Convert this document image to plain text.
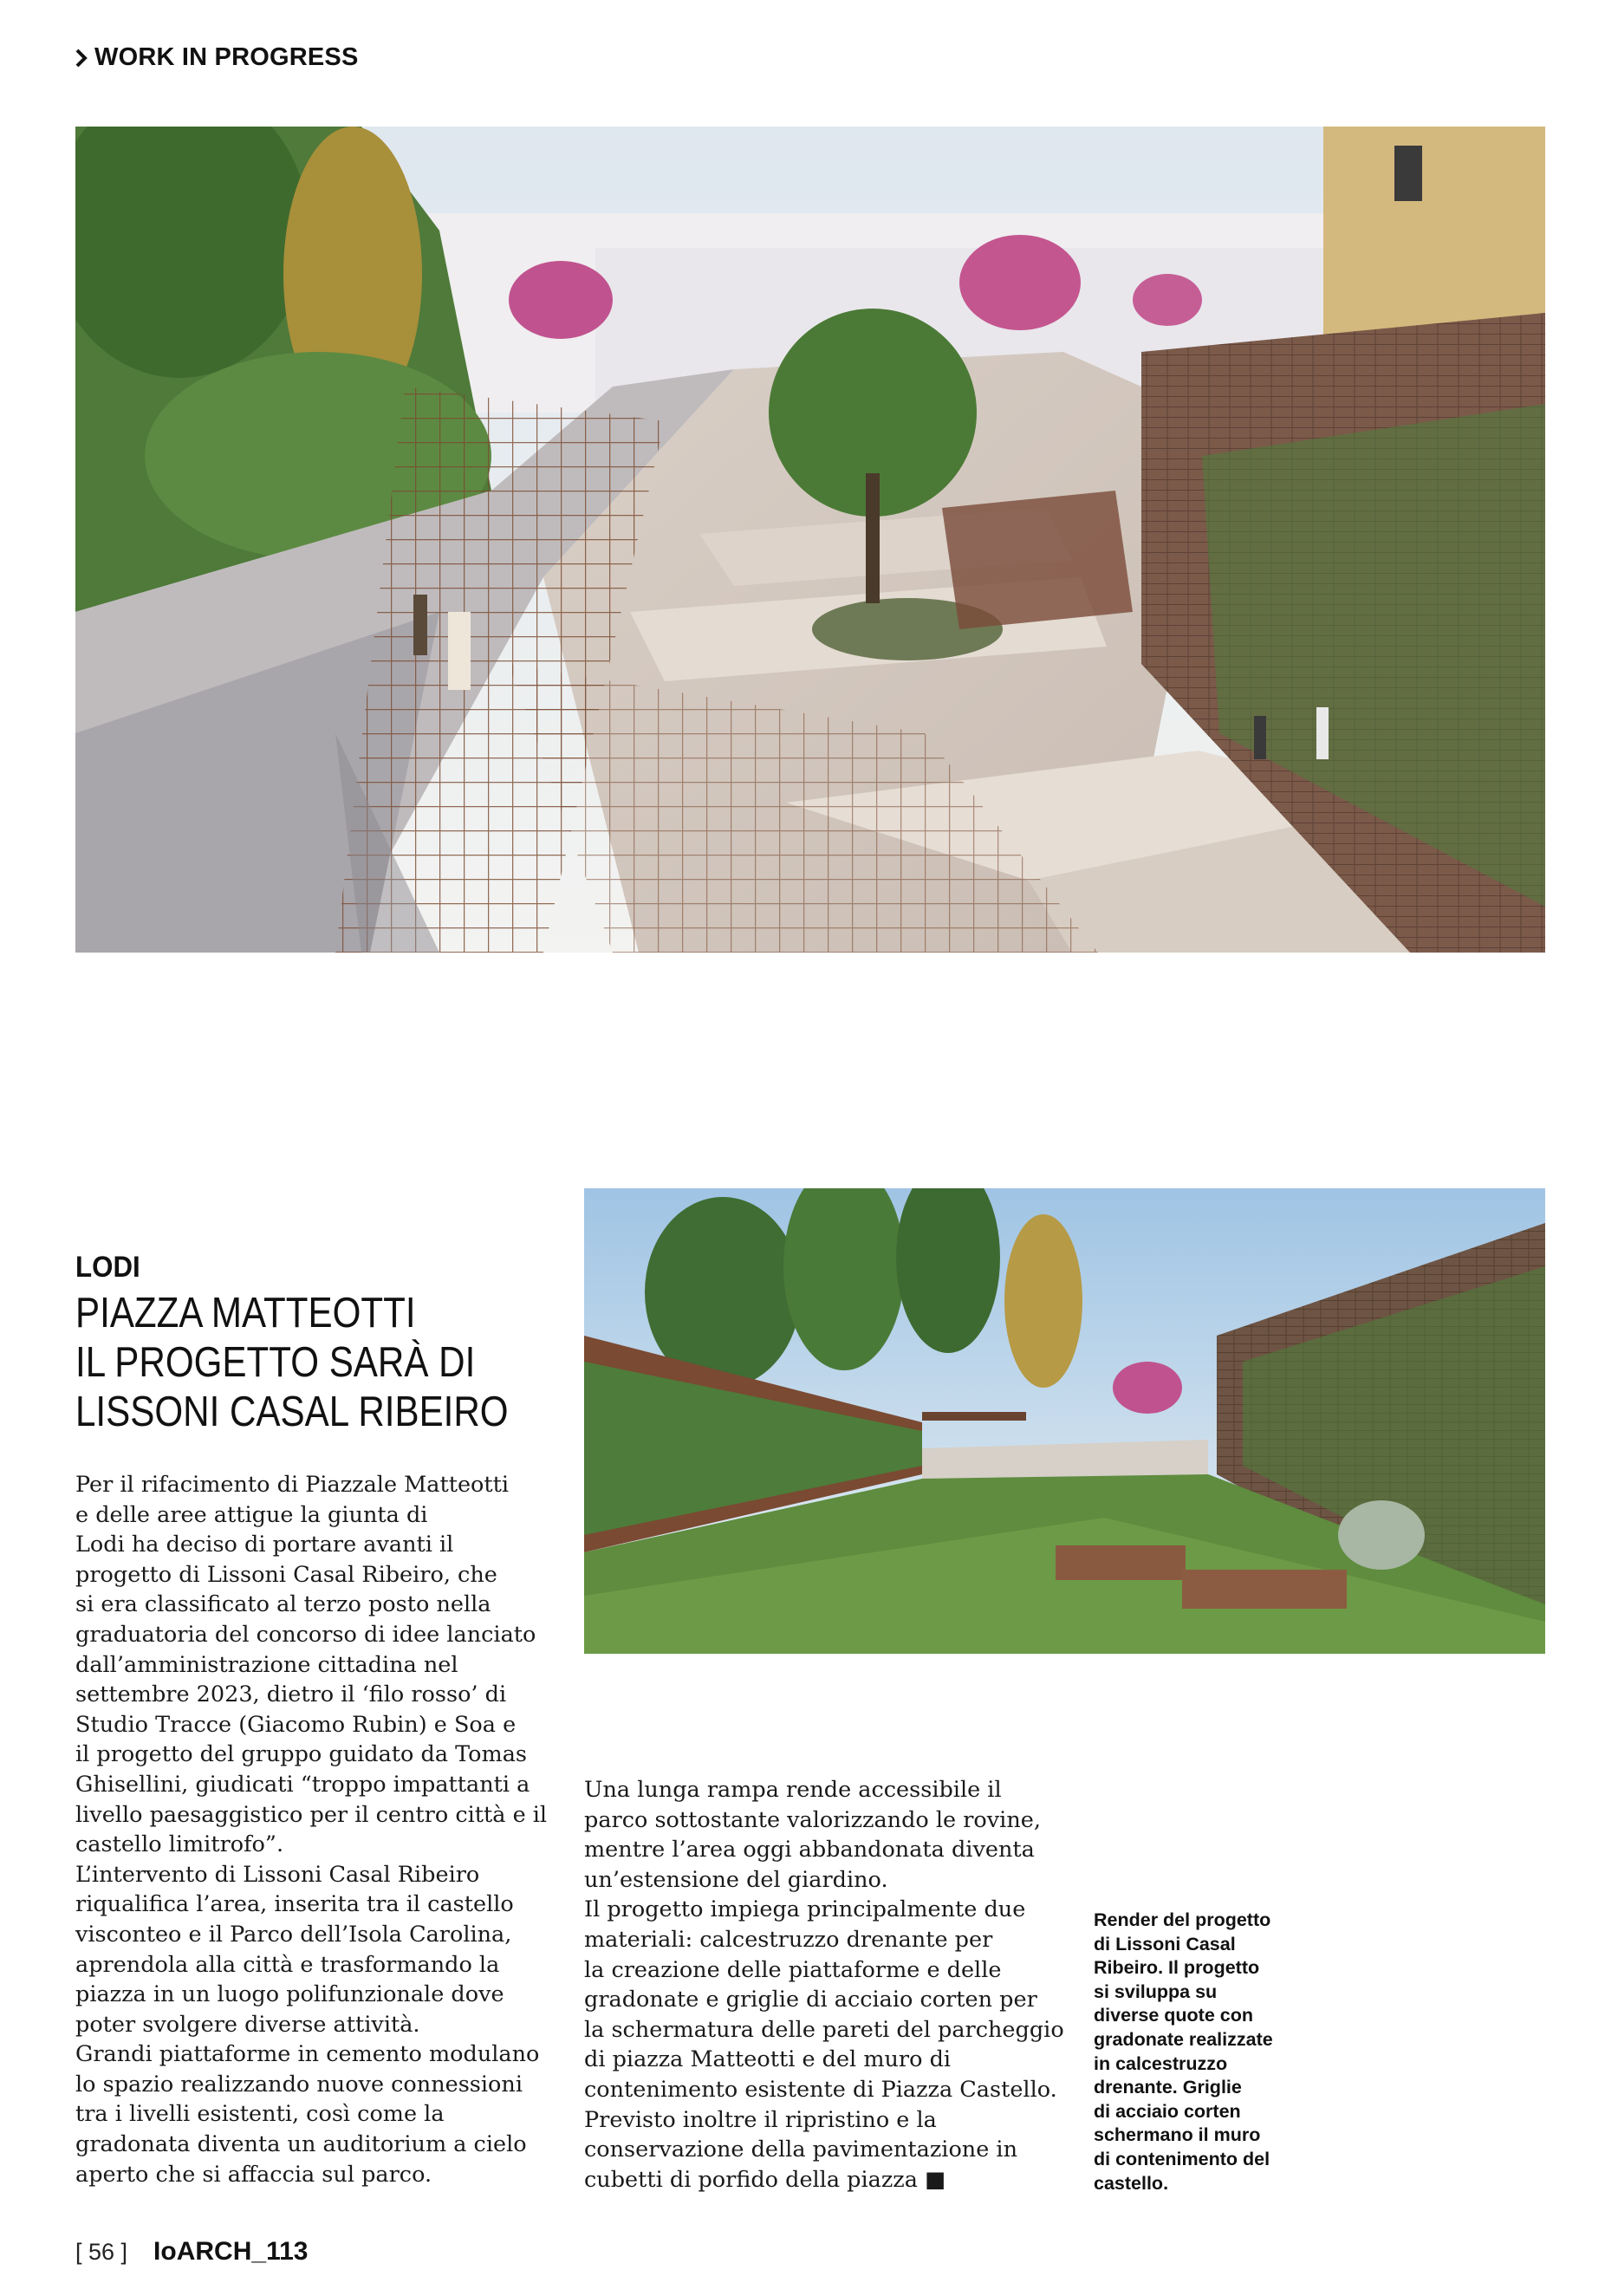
WORK IN PROGRESS
LODI
PIAZZA MATTEOTTI
IL PROGETTO SARÀ DI
LISSONI CASAL RIBEIRO

Per il rifacimento di Piazzale Matteotti

e delle aree attigue la giunta di

Lodi ha deciso di portare avanti il

progetto di Lissoni Casal Ribeiro, che

si era classificato al terzo posto nella

graduatoria del concorso di idee lanciato

dall’amministrazione cittadina nel

settembre 2023, dietro il ‘filo rosso’ di

Studio Tracce (Giacomo Rubin) e Soa e

il progetto del gruppo guidato da Tomas

Ghisellini, giudicati “troppo impattanti a

livello paesaggistico per il centro città e il

castello limitrofo”.

L’intervento di Lissoni Casal Ribeiro

riqualifica l’area, inserita tra il castello

visconteo e il Parco dell’Isola Carolina,

aprendola alla città e trasformando la

piazza in un luogo polifunzionale dove

poter svolgere diverse attività.

Grandi piattaforme in cemento modulano

lo spazio realizzando nuove connessioni

tra i livelli esistenti, così come la

gradonata diventa un auditorium a cielo

aperto che si affaccia sul parco.

Una lunga rampa rende accessibile il

parco sottostante valorizzando le rovine,

mentre l’area oggi abbandonata diventa

un’estensione del giardino.

Il progetto impiega principalmente due

materiali: calcestruzzo drenante per

la creazione delle piattaforme e delle

gradonate e griglie di acciaio corten per

la schermatura delle pareti del parcheggio

di piazza Matteotti e del muro di

contenimento esistente di Piazza Castello.

Previsto inoltre il ripristino e la

conservazione della pavimentazione in

cubetti di porfido della piazza ■

Render del progetto

di Lissoni Casal

Ribeiro. Il progetto

si sviluppa su

diverse quote con

gradonate realizzate

in calcestruzzo

drenante. Griglie

di acciaio corten

schermano il muro

di contenimento del

castello.

[ 56 ] IoARCH_113
